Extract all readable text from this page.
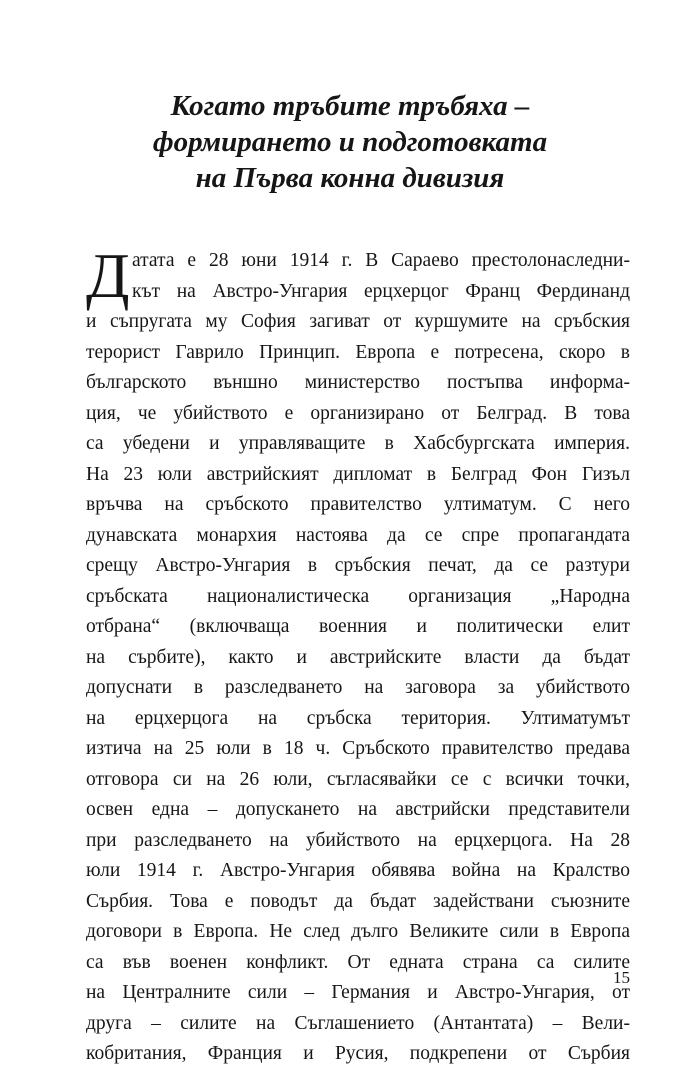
Когато тръбите тръбяха –
формирането и подготовката
на Първа конна дивизия
Д атата е 28 юни 1914 г. В Сараево престолонаследни-
кът на Австро-Унгария ерцхерцог Франц Фердинанд
и съпругата му София загиват от куршумите на сръбския
терорист Гаврило Принцип. Европа е потресена, скоро в
българското външно министерство постъпва информа-
ция, че убийството е организирано от Белград. В това
са убедени и управляващите в Хабсбургската империя.
На 23 юли австрийският дипломат в Белград Фон Гизъл
връчва на сръбското правителство ултиматум. С него
дунавската монархия настоява да се спре пропагандата
срещу Австро-Унгария в сръбския печат, да се разтури
сръбската националистическа организация „Народна
отбрана“ (включваща военния и политически елит
на сърбите), както и австрийските власти да бъдат
допуснати в разследването на заговора за убийството
на ерцхерцога на сръбска територия. Ултиматумът
изтича на 25 юли в 18 ч. Сръбското правителство предава
отговора си на 26 юли, съгласявайки се с всички точки,
освен една – допускането на австрийски представители
при разследването на убийството на ерцхерцога. На 28
юли 1914 г. Австро-Унгария обявява война на Кралство
Сърбия. Това е поводът да бъдат задействани съюзните
договори в Европа. Не след дълго Великите сили в Европа
са във военен конфликт. От едната страна са силите
на Централните сили – Германия и Австро-Унгария, от
друга – силите на Съглашението (Антантата) – Вели-
кобритания, Франция и Русия, подкрепени от Сърбия
15
